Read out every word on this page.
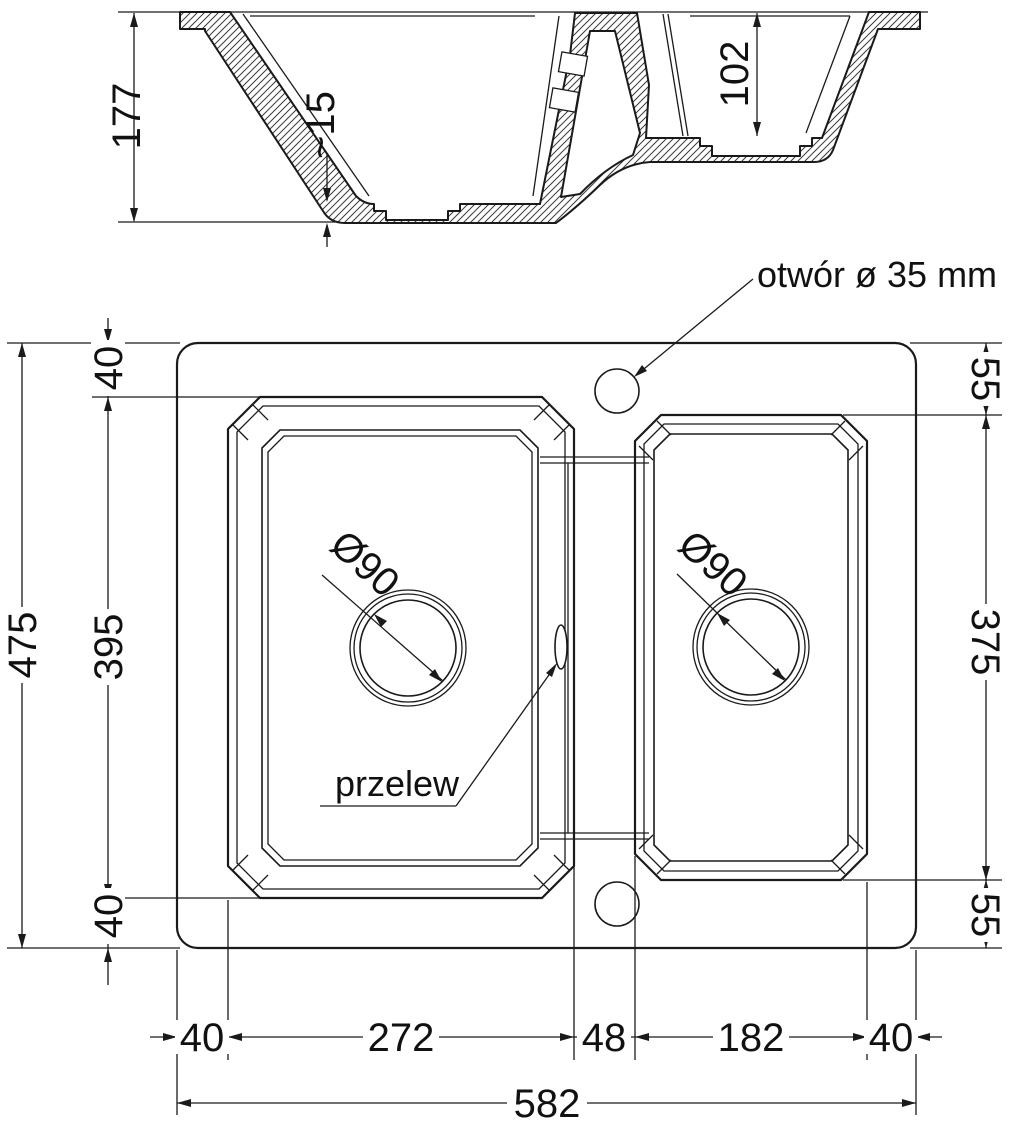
177	~15
102
Ø90	Ø90
otwór ø 35 mm
przelew
40
395
40
475
55
375
55
40	272	48 182 40
582
